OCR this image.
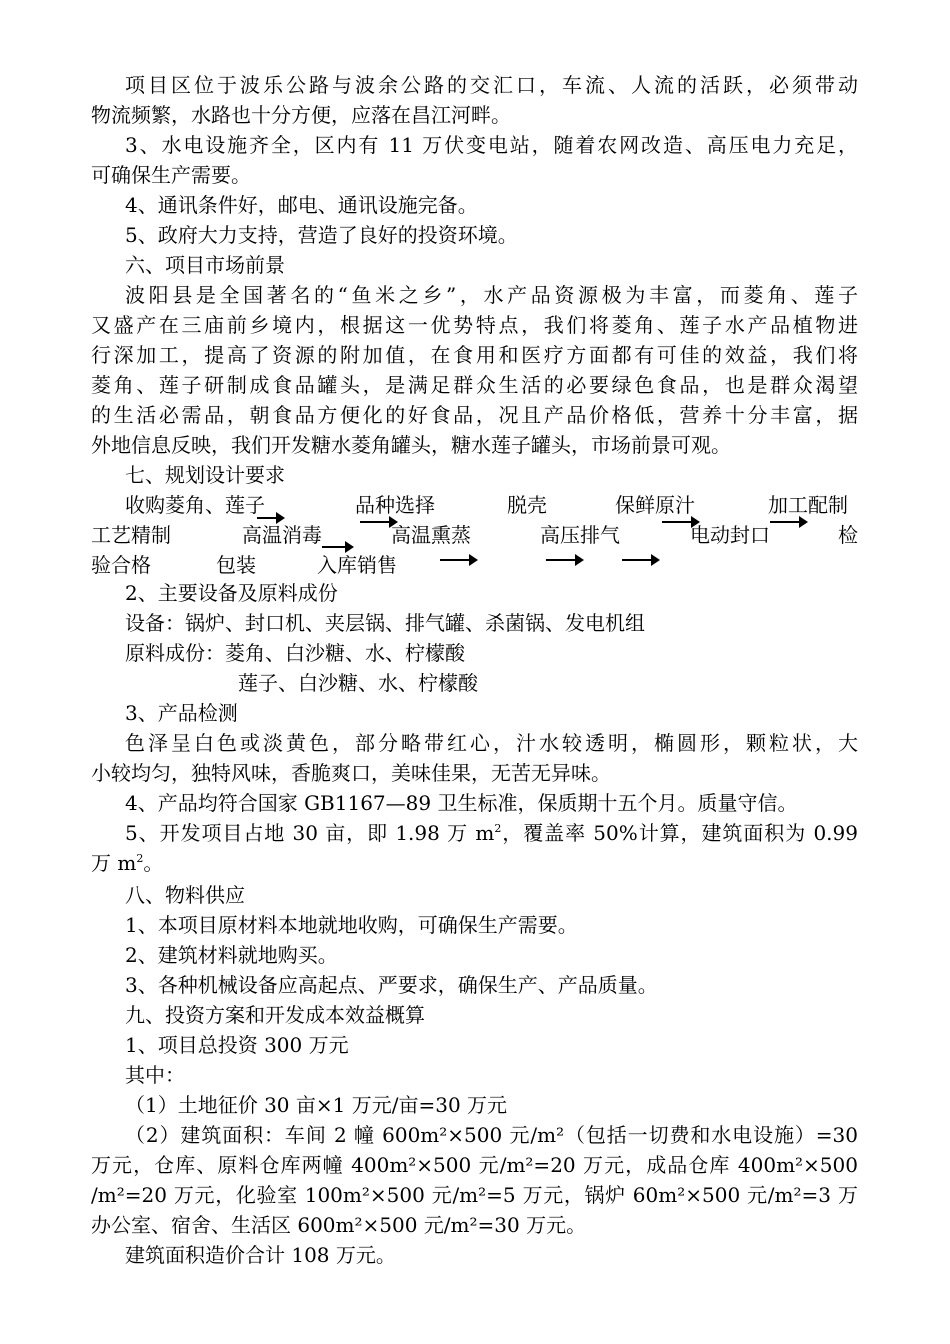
项目区位于波乐公路与波余公路的交汇口，车流、人流的活跃，必须带动
物流频繁，水路也十分方便，应落在昌江河畔。
3、水电设施齐全，区内有 11 万伏变电站，随着农网改造、高压电力充足，
可确保生产需要。
4、通讯条件好，邮电、通讯设施完备。
5、政府大力支持，营造了良好的投资环境。
六、项目市场前景
波阳县是全国著名的“鱼米之乡”，水产品资源极为丰富，而菱角、莲子
又盛产在三庙前乡境内，根据这一优势特点，我们将菱角、莲子水产品植物进
行深加工，提高了资源的附加值，在食用和医疗方面都有可佳的效益，我们将
菱角、莲子研制成食品罐头，是满足群众生活的必要绿色食品，也是群众渴望
的生活必需品，朝食品方便化的好食品，况且产品价格低，营养十分丰富，据
外地信息反映，我们开发糖水菱角罐头，糖水莲子罐头，市场前景可观。
七、规划设计要求
收购菱角、莲子	品种选择	脱壳	保鲜原汁	加工配制
工艺精制	高温消毒	高温熏蒸	高压排气	电动封口	检
验合格	包装	入库销售
2、主要设备及原料成份
设备：锅炉、封口机、夹层锅、排气罐、杀菌锅、发电机组
原料成份：菱角、白沙糖、水、柠檬酸
莲子、白沙糖、水、柠檬酸
3、产品检测
色泽呈白色或淡黄色，部分略带红心，汁水较透明，椭圆形，颗粒状，大
小较均匀，独特风味，香脆爽口，美味佳果，无苦无异味。
4、产品均符合国家 GB1167—89 卫生标准，保质期十五个月。质量守信。
5、开发项目占地 30 亩，即 1.98 万 $m^2$，覆盖率 50%计算，建筑面积为 0.99
万 $m^2$。
八、物料供应
1、本项目原材料本地就地收购，可确保生产需要。
2、建筑材料就地购买。
3、各种机械设备应高起点、严要求，确保生产、产品质量。
九、投资方案和开发成本效益概算
1、项目总投资 300 万元
其中：
（1）土地征价 30 亩×1 万元/亩=30 万元
（2）建筑面积：车间 2 幢 600m²×500 元/m²（包括一切费和水电设施）=30
万元，仓库、原料仓库两幢 400m²×500 元/m²=20 万元，成品仓库 400m²×500
/m²=20 万元，化验室 100m²×500 元/m²=5 万元，锅炉 60m²×500 元/m²=3 万
办公室、宿舍、生活区 600m²×500 元/m²=30 万元。
建筑面积造价合计 108 万元。
